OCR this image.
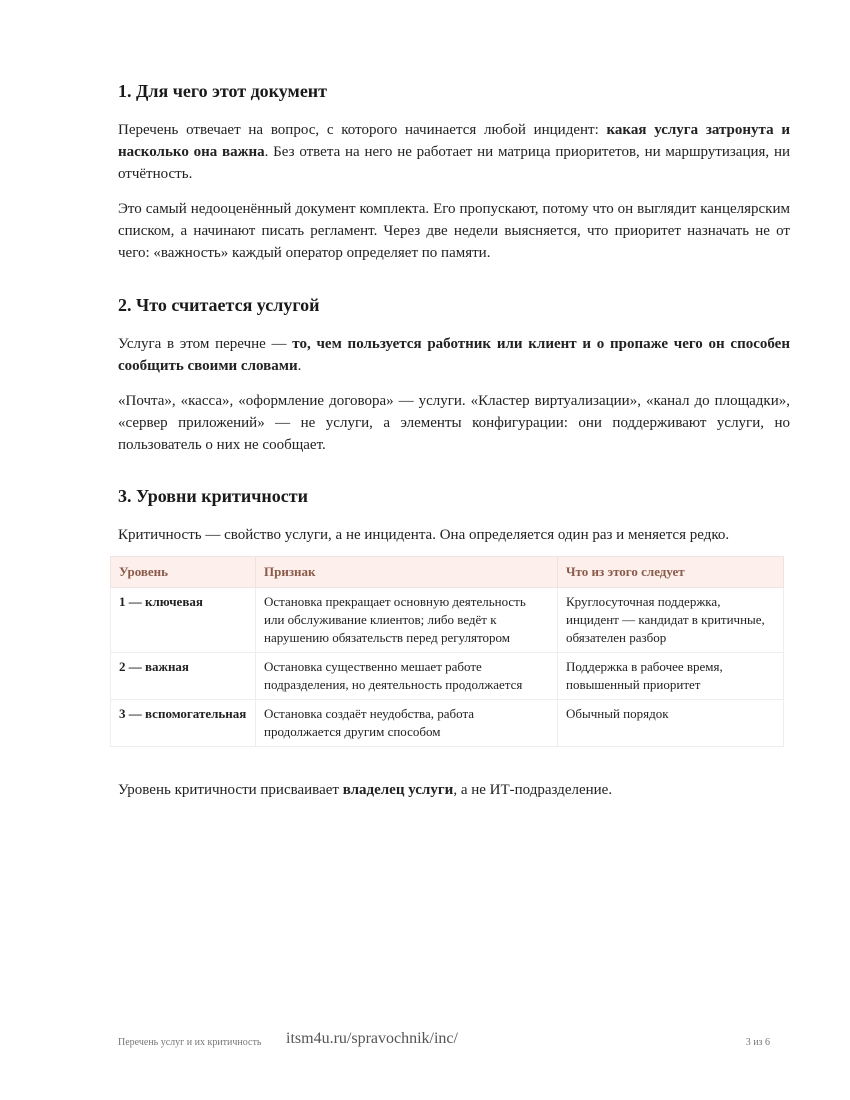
1. Для чего этот документ

Перечень отвечает на вопрос, с которого начинается любой инцидент: какая услуга затронута и насколько она важна. Без ответа на него не работает ни матрица приоритетов, ни маршрутизация, ни отчётность.

Это самый недооценённый документ комплекта. Его пропускают, потому что он выглядит канцелярским списком, а начинают писать регламент. Через две недели выясняется, что приоритет назначать не от чего: «важность» каждый оператор определяет по памяти.

2. Что считается услугой

Услуга в этом перечне — то, чем пользуется работник или клиент и о пропаже чего он способен сообщить своими словами.

«Почта», «касса», «оформление договора» — услуги. «Кластер виртуализации», «канал до площадки», «сервер приложений» — не услуги, а элементы конфигурации: они поддерживают услуги, но пользователь о них не сообщает.

3. Уровни критичности

Критичность — свойство услуги, а не инцидента. Она определяется один раз и меняется редко.

Уровень	Признак	Что из этого следует
1 — ключевая	Остановка прекращает основную деятельность или обслуживание клиентов; либо ведёт к нарушению обязательств перед регулятором	Круглосуточная поддержка, инцидент — кандидат в критичные, обязателен разбор
2 — важная	Остановка существенно мешает работе подразделения, но деятельность продолжается	Поддержка в рабочее время, повышенный приоритет
3 — вспомогательная	Остановка создаёт неудобства, работа продолжается другим способом	Обычный порядок

Уровень критичности присваивает владелец услуги, а не ИТ-подразделение.

Перечень услуг и их критичность itsm4u.ru/spravochnik/inc/	3 из 6
